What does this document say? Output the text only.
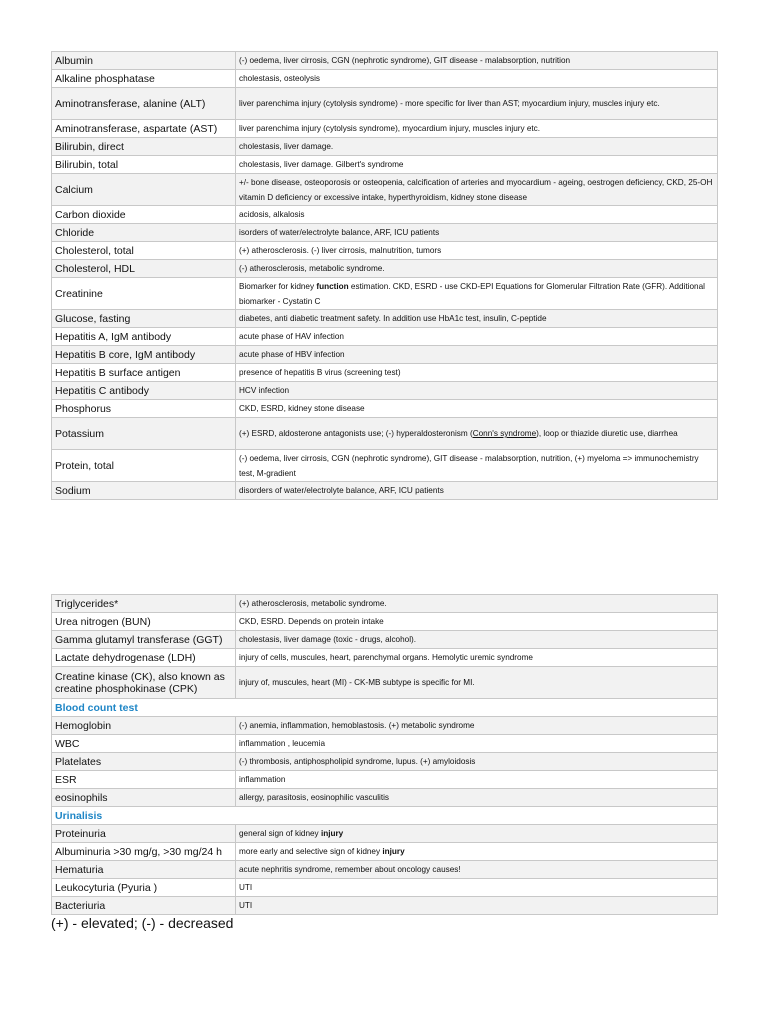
Albumin	(-) oedema, liver cirrosis, CGN (nephrotic syndrome), GIT disease - malabsorption, nutrition
Alkaline phosphatase	cholestasis, osteolysis
Aminotransferase, alanine (ALT)	liver parenchima injury (cytolysis syndrome) - more specific for liver than AST; myocardium injury, muscles injury etc.
Aminotransferase, aspartate (AST)	liver parenchima injury (cytolysis syndrome), myocardium injury, muscles injury etc.
Bilirubin, direct	cholestasis, liver damage.
Bilirubin, total	cholestasis, liver damage. Gilbert's syndrome
Calcium	+/- bone disease, osteoporosis or osteopenia, calcification of arteries and myocardium - ageing, oestrogen deficiency, CKD, 25-OH vitamin D deficiency or excessive intake, hyperthyroidism, kidney stone disease
Carbon dioxide	acidosis, alkalosis
Chloride	isorders of water/electrolyte balance, ARF, ICU patients
Cholesterol, total	(+) atherosclerosis. (-) liver cirrosis, malnutrition, tumors
Cholesterol, HDL	(-) atherosclerosis, metabolic syndrome.
Creatinine	Biomarker for kidney function estimation. CKD, ESRD - use CKD-EPI Equations for Glomerular Filtration Rate (GFR). Additional biomarker - Cystatin C
Glucose, fasting	diabetes, anti diabetic treatment safety. In addition use HbA1c test, insulin, C-peptide
Hepatitis A, IgM antibody	acute phase of HAV infection
Hepatitis B core, IgM antibody	acute phase of HBV infection
Hepatitis B surface antigen	presence of hepatitis B virus (screening test)
Hepatitis C antibody	HCV infection
Phosphorus	CKD, ESRD, kidney stone disease
Potassium	(+) ESRD, aldosterone antagonists use; (-) hyperaldosteronism (Conn's syndrome), loop or thiazide diuretic use, diarrhea
Protein, total	(-) oedema, liver cirrosis, CGN (nephrotic syndrome), GIT disease - malabsorption, nutrition, (+) myeloma => immunochemistry test, M-gradient
Sodium	disorders of water/electrolyte balance, ARF, ICU patients
Triglycerides*	(+) atherosclerosis, metabolic syndrome.
Urea nitrogen (BUN)	CKD, ESRD. Depends on protein intake
Gamma glutamyl transferase (GGT)	cholestasis, liver damage (toxic - drugs, alcohol).
Lactate dehydrogenase (LDH)	injury of cells, muscules, heart, parenchymal organs. Hemolytic uremic syndrome
Creatine kinase (CK), also known as creatine phosphokinase (CPK)	injury of, muscules, heart (MI) - CK-MB subtype is specific for MI.
Blood count test	
Hemoglobin	(-) anemia, inflammation, hemoblastosis. (+) metabolic syndrome
WBC	inflammation , leucemia
Platelates	(-) thrombosis, antiphospholipid syndrome, lupus. (+) amyloidosis
ESR	inflammation
eosinophils	allergy, parasitosis, eosinophilic vasculitis
Urinalisis	
Proteinuria	general sign of kidney injury
Albuminuria >30 mg/g, >30 mg/24 h	more early and selective sign of kidney injury
Hematuria	acute nephritis syndrome, remember about oncology causes!
Leukocyturia (Pyuria )	UTI
Bacteriuria	UTI
(+) - elevated; (-) - decreased
